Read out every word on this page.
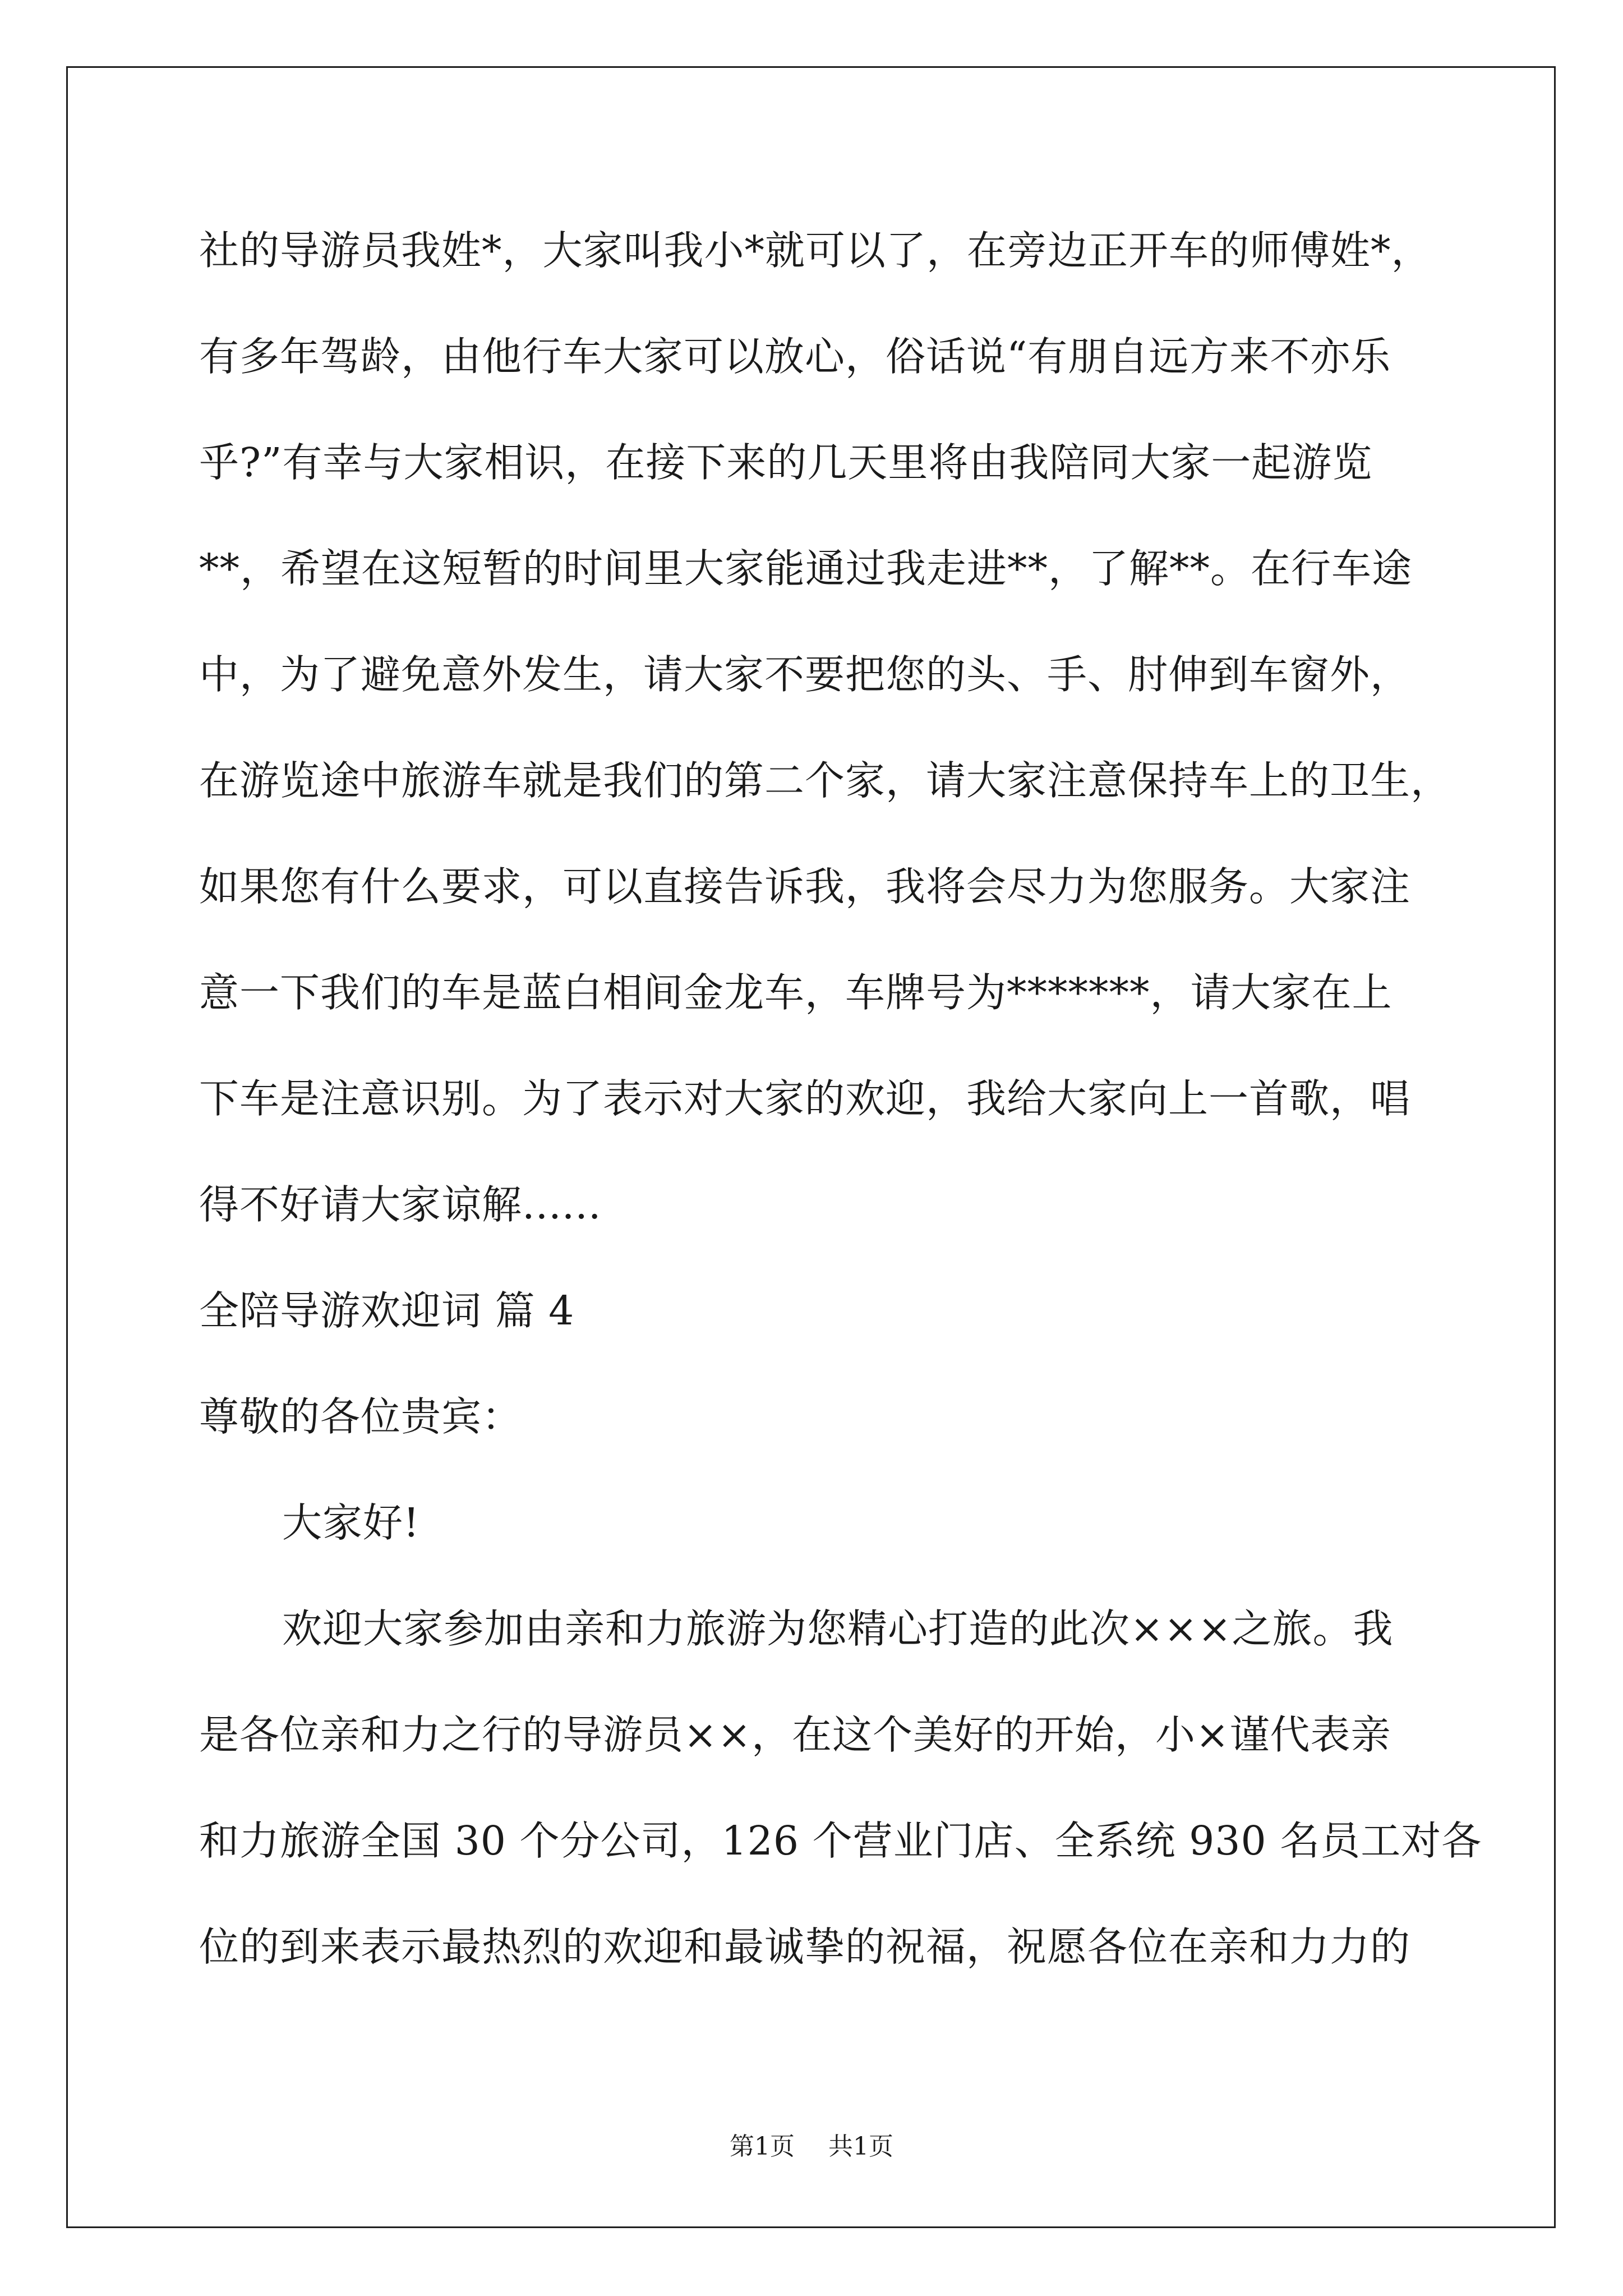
社的导游员我姓*，大家叫我小*就可以了，在旁边正开车的师傅姓*，
有多年驾龄，由他行车大家可以放心，俗话说“有朋自远方来不亦乐
乎?”有幸与大家相识，在接下来的几天里将由我陪同大家一起游览
**，希望在这短暂的时间里大家能通过我走进**，了解**。在行车途
中，为了避免意外发生，请大家不要把您的头、手、肘伸到车窗外，
在游览途中旅游车就是我们的第二个家，请大家注意保持车上的卫生，
如果您有什么要求，可以直接告诉我，我将会尽力为您服务。大家注
意一下我们的车是蓝白相间金龙车，车牌号为*******，请大家在上
下车是注意识别。为了表示对大家的欢迎，我给大家向上一首歌，唱
得不好请大家谅解......
全陪导游欢迎词 篇 4
尊敬的各位贵宾：
大家好!
欢迎大家参加由亲和力旅游为您精心打造的此次×××之旅。我
是各位亲和力之行的导游员××，在这个美好的开始，小×谨代表亲
和力旅游全国 30 个分公司，126 个营业门店、全系统 930 名员工对各
位的到来表示最热烈的欢迎和最诚挚的祝福，祝愿各位在亲和力力的
第1页 共1页
